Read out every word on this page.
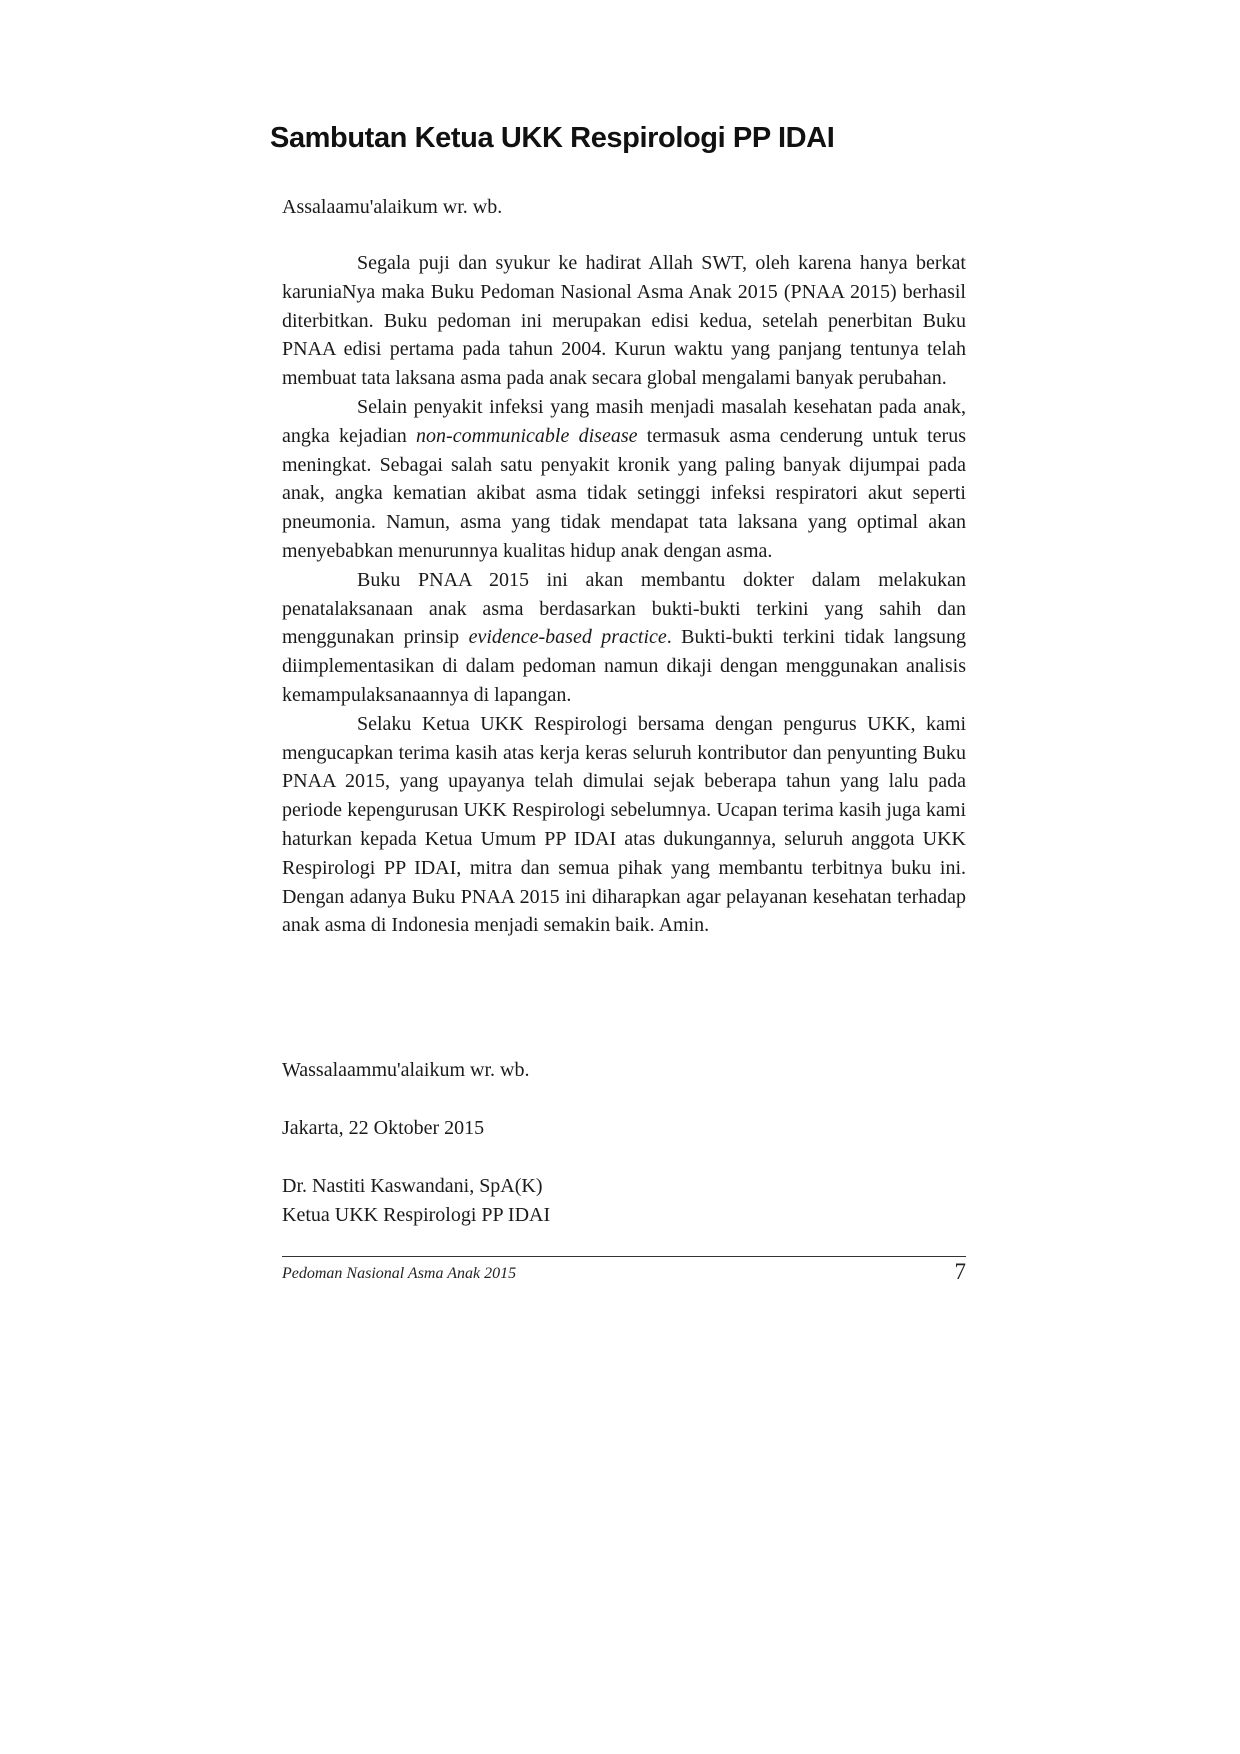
Sambutan Ketua UKK Respirologi PP IDAI
Assalaamu'alaikum wr. wb.

Segala puji dan syukur ke hadirat Allah SWT, oleh karena hanya berkat karuniaNya maka Buku Pedoman Nasional Asma Anak 2015 (PNAA 2015) berhasil diterbitkan. Buku pedoman ini merupakan edisi kedua, setelah penerbitan Buku PNAA edisi pertama pada tahun 2004. Kurun waktu yang panjang tentunya telah membuat tata laksana asma pada anak secara global mengalami banyak perubahan.

Selain penyakit infeksi yang masih menjadi masalah kesehatan pada anak, angka kejadian non-communicable disease termasuk asma cenderung untuk terus meningkat. Sebagai salah satu penyakit kronik yang paling banyak dijumpai pada anak, angka kematian akibat asma tidak setinggi infeksi respiratori akut seperti pneumonia. Namun, asma yang tidak mendapat tata laksana yang optimal akan menyebabkan menurunnya kualitas hidup anak dengan asma.

Buku PNAA 2015 ini akan membantu dokter dalam melakukan penatalaksanaan anak asma berdasarkan bukti-bukti terkini yang sahih dan menggunakan prinsip evidence-based practice. Bukti-bukti terkini tidak langsung diimplementasikan di dalam pedoman namun dikaji dengan menggunakan analisis kemampulaksanaannya di lapangan.

Selaku Ketua UKK Respirologi bersama dengan pengurus UKK, kami mengucapkan terima kasih atas kerja keras seluruh kontributor dan penyunting Buku PNAA 2015, yang upayanya telah dimulai sejak beberapa tahun yang lalu pada periode kepengurusan UKK Respirologi sebelumnya. Ucapan terima kasih juga kami haturkan kepada Ketua Umum PP IDAI atas dukungannya, seluruh anggota UKK Respirologi PP IDAI, mitra dan semua pihak yang membantu terbitnya buku ini. Dengan adanya Buku PNAA 2015 ini diharapkan agar pelayanan kesehatan terhadap anak asma di Indonesia menjadi semakin baik. Amin.

Wassalaammu'alaikum wr. wb.
Jakarta, 22 Oktober 2015
Dr. Nastiti Kaswandani, SpA(K)
Ketua UKK Respirologi PP IDAI
Pedoman Nasional Asma Anak 2015	7
